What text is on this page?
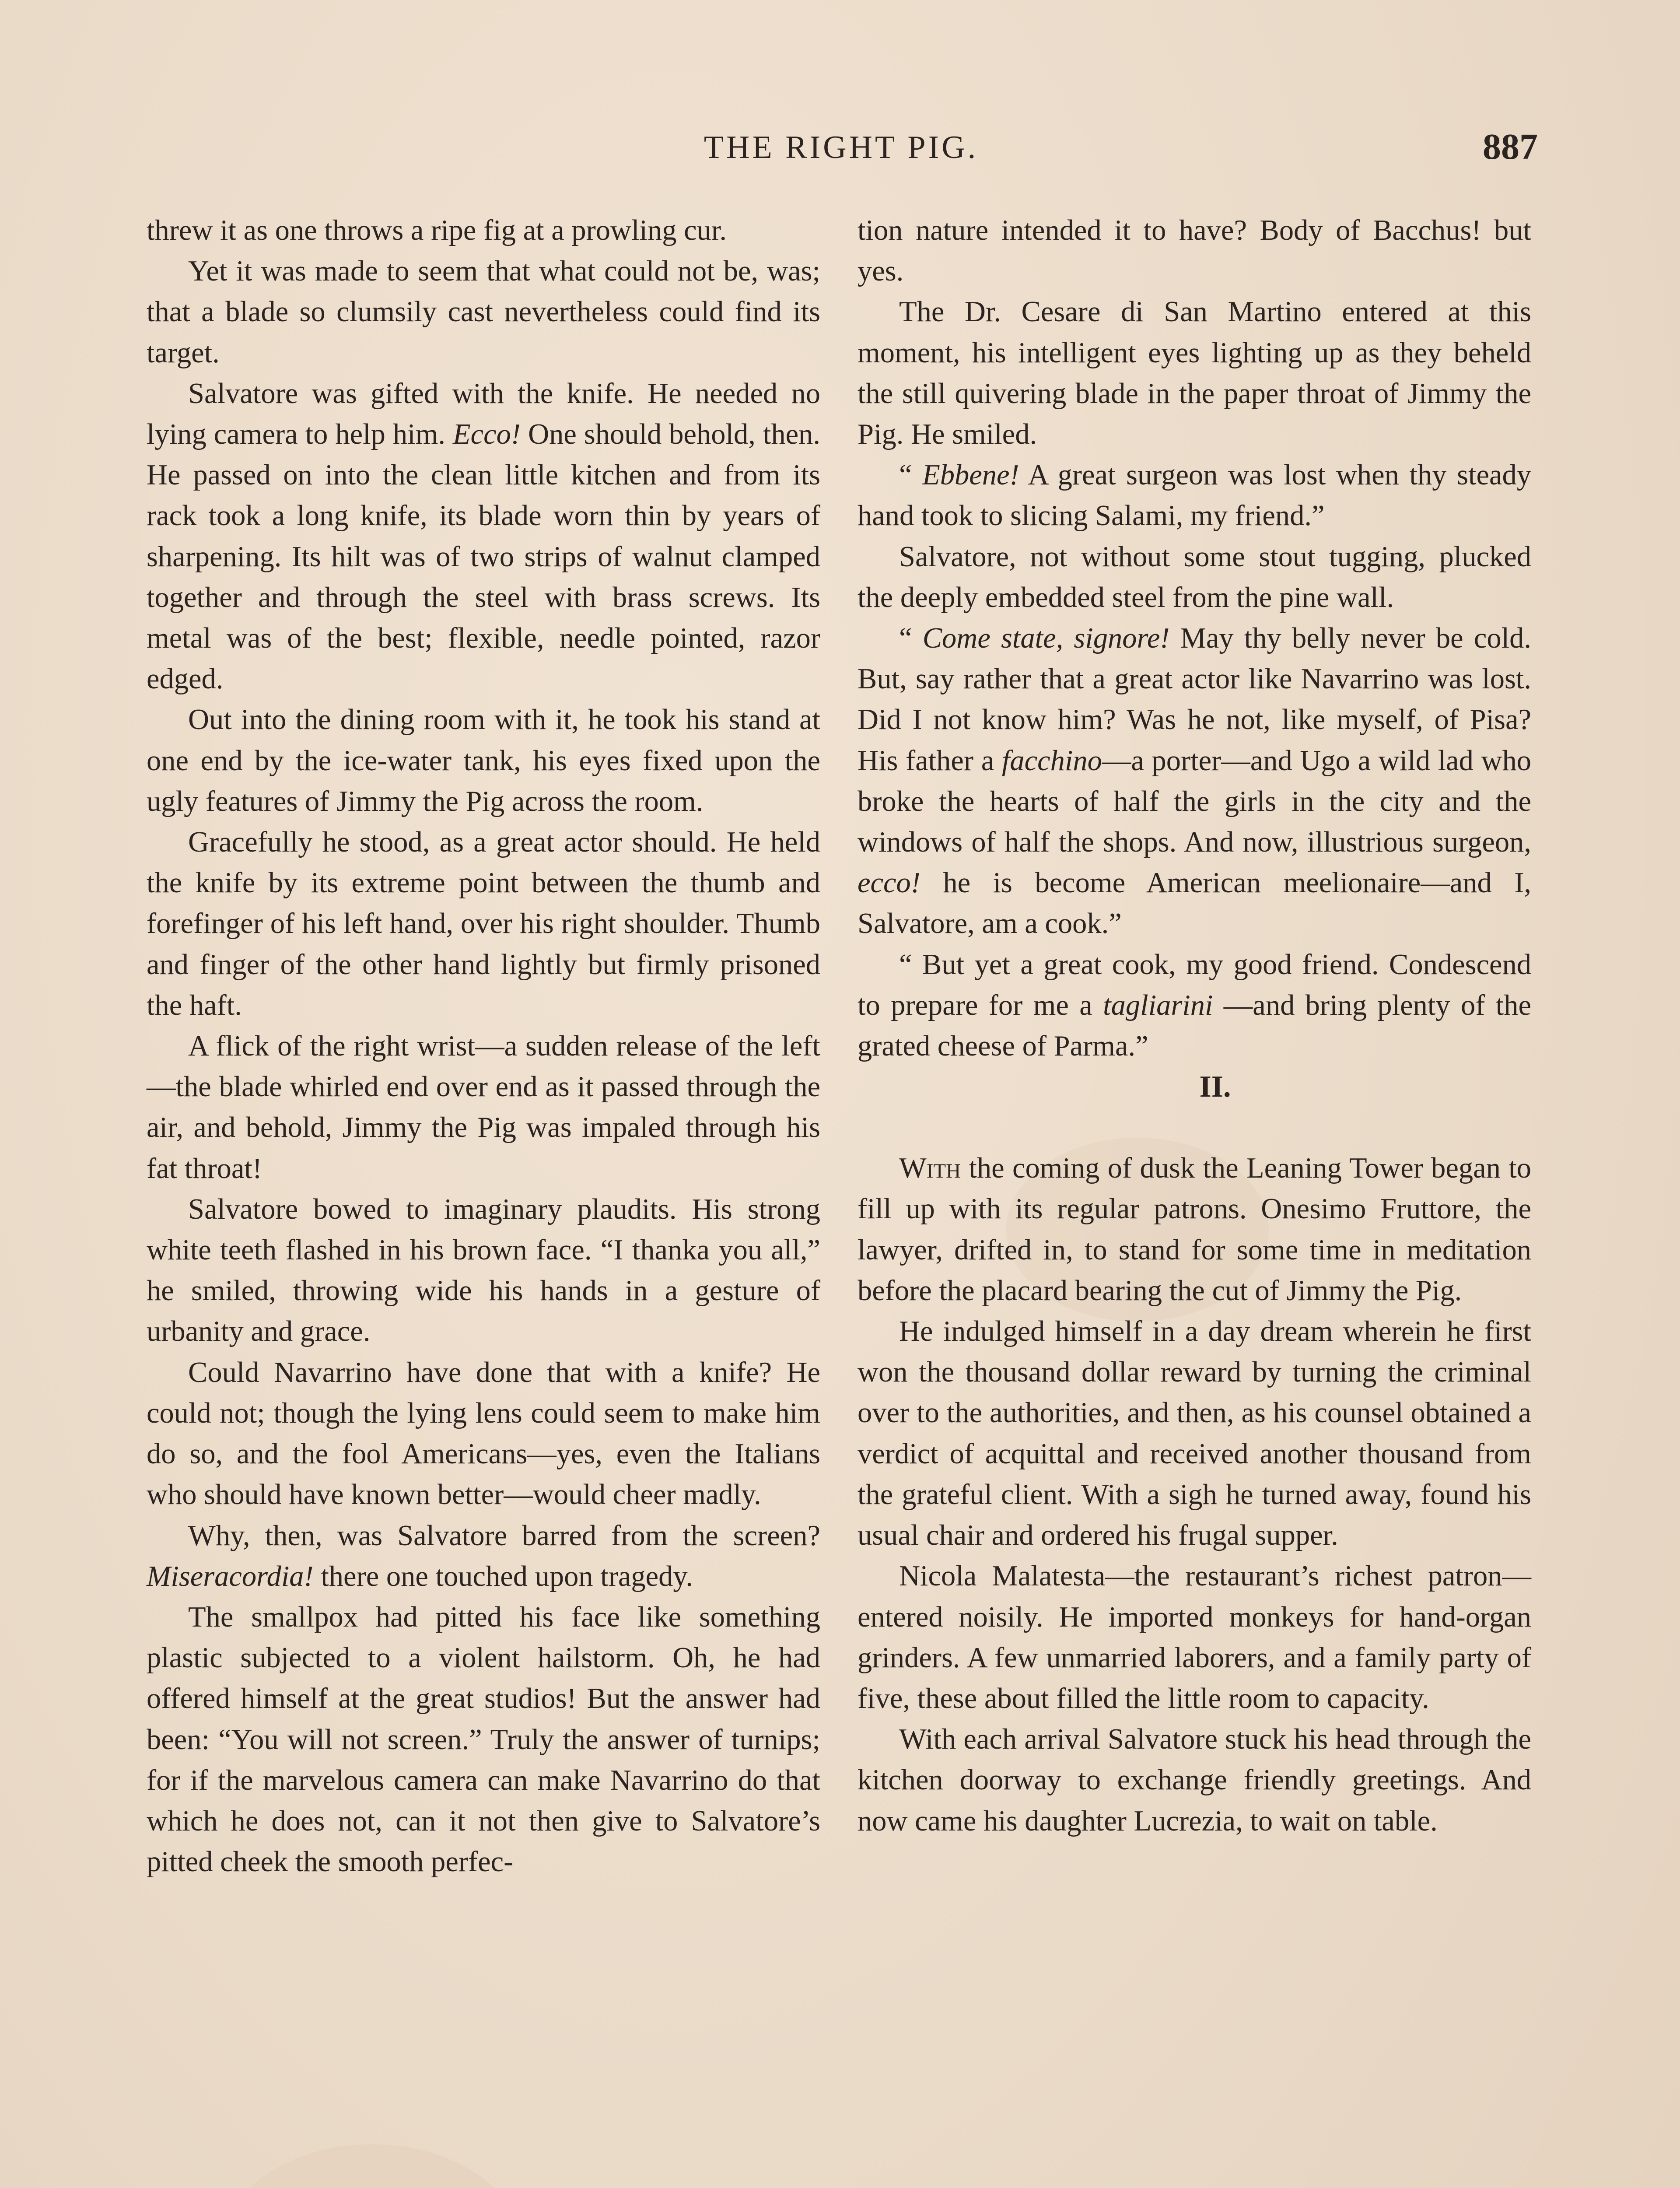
THE RIGHT PIG.	887

threw it as one throws a ripe fig at a prowling cur.

Yet it was made to seem that what could not be, was; that a blade so clumsily cast nevertheless could find its target.

Salvatore was gifted with the knife. He needed no lying camera to help him. Ecco! One should behold, then. He passed on into the clean little kitchen and from its rack took a long knife, its blade worn thin by years of sharpening. Its hilt was of two strips of walnut clamped together and through the steel with brass screws. Its metal was of the best; flexible, needle pointed, razor edged.

Out into the dining room with it, he took his stand at one end by the ice-water tank, his eyes fixed upon the ugly features of Jimmy the Pig across the room.

Gracefully he stood, as a great actor should. He held the knife by its extreme point between the thumb and forefinger of his left hand, over his right shoulder. Thumb and finger of the other hand lightly but firmly prisoned the haft.

A flick of the right wrist—a sudden release of the left—the blade whirled end over end as it passed through the air, and behold, Jimmy the Pig was impaled through his fat throat!

Salvatore bowed to imaginary plaudits. His strong white teeth flashed in his brown face. “I thanka you all,” he smiled, throwing wide his hands in a gesture of urbanity and grace.

Could Navarrino have done that with a knife? He could not; though the lying lens could seem to make him do so, and the fool Americans—yes, even the Italians who should have known better—would cheer madly.

Why, then, was Salvatore barred from the screen? Miseracordia! there one touched upon tragedy.

The smallpox had pitted his face like something plastic subjected to a violent hailstorm. Oh, he had offered himself at the great studios! But the answer had been: “You will not screen.” Truly the answer of turnips; for if the marvelous camera can make Navarrino do that which he does not, can it not then give to Salvatore’s pitted cheek the smooth perfec-

tion nature intended it to have? Body of Bacchus! but yes.

The Dr. Cesare di San Martino entered at this moment, his intelligent eyes lighting up as they beheld the still quivering blade in the paper throat of Jimmy the Pig. He smiled.

“ Ebbene! A great surgeon was lost when thy steady hand took to slicing Salami, my friend.”

Salvatore, not without some stout tugging, plucked the deeply embedded steel from the pine wall.

“ Come state, signore! May thy belly never be cold. But, say rather that a great actor like Navarrino was lost. Did I not know him? Was he not, like myself, of Pisa? His father a facchino—a porter—and Ugo a wild lad who broke the hearts of half the girls in the city and the windows of half the shops. And now, illustrious surgeon, ecco! he is become American meelionaire—and I, Salvatore, am a cook.”

“ But yet a great cook, my good friend. Condescend to prepare for me a tagliarini —and bring plenty of the grated cheese of Parma.”

II.

With the coming of dusk the Leaning Tower began to fill up with its regular patrons. Onesimo Fruttore, the lawyer, drifted in, to stand for some time in meditation before the placard bearing the cut of Jimmy the Pig.

He indulged himself in a day dream wherein he first won the thousand dollar reward by turning the criminal over to the authorities, and then, as his counsel obtained a verdict of acquittal and received another thousand from the grateful client. With a sigh he turned away, found his usual chair and ordered his frugal supper.

Nicola Malatesta—the restaurant’s richest patron—entered noisily. He imported monkeys for hand-organ grinders. A few unmarried laborers, and a family party of five, these about filled the little room to capacity.

With each arrival Salvatore stuck his head through the kitchen doorway to exchange friendly greetings. And now came his daughter Lucrezia, to wait on table.
